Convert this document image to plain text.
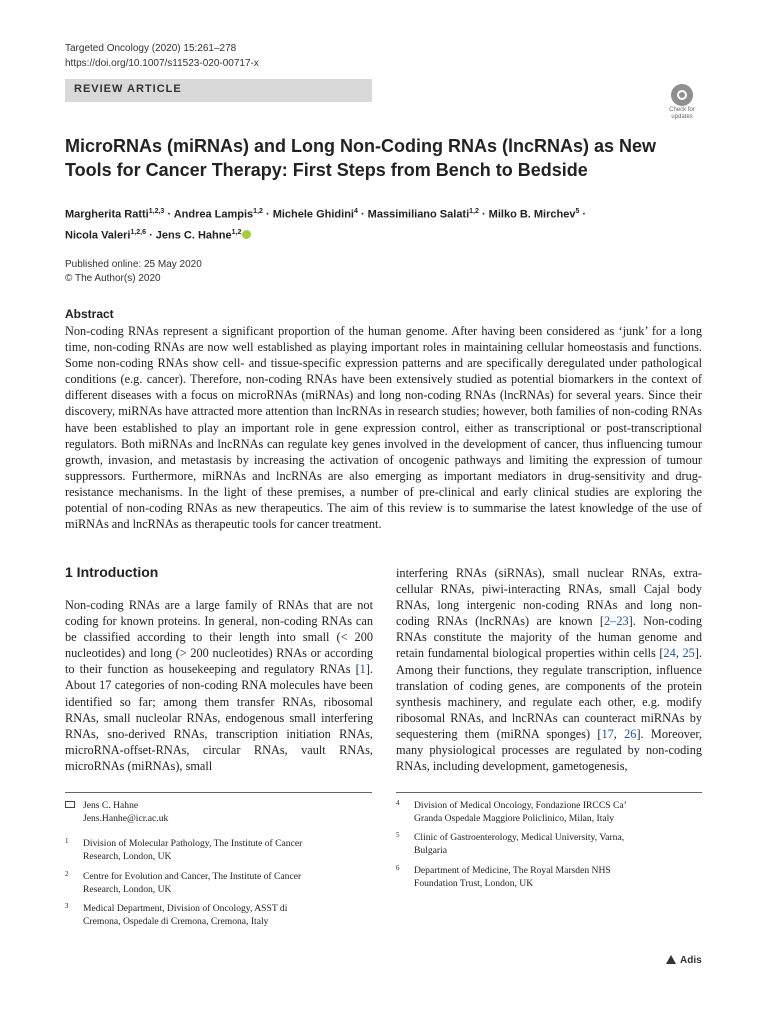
Targeted Oncology (2020) 15:261–278
https://doi.org/10.1007/s11523-020-00717-x
REVIEW ARTICLE
Check for
updates
MicroRNAs (miRNAs) and Long Non-Coding RNAs (lncRNAs) as New Tools for Cancer Therapy: First Steps from Bench to Bedside
Margherita Ratti$^{1,2,3}$ · Andrea Lampis$^{1,2}$ · Michele Ghidini$^4$ · Massimiliano Salati$^{1,2}$ · Milko B. Mirchev$^5$ ·
Nicola Valeri$^{1,2,6}$ · Jens C. Hahne$^{1,2}$
Published online: 25 May 2020
© The Author(s) 2020
Abstract
Non-coding RNAs represent a significant proportion of the human genome. After having been considered as ‘junk’ for a long time, non-coding RNAs are now well established as playing important roles in maintaining cellular homeostasis and functions. Some non-coding RNAs show cell- and tissue-specific expression patterns and are specifically deregulated under pathological conditions (e.g. cancer). Therefore, non-coding RNAs have been extensively studied as potential biomarkers in the context of different diseases with a focus on microRNAs (miRNAs) and long non-coding RNAs (lncRNAs) for several years. Since their discovery, miRNAs have attracted more attention than lncRNAs in research studies; however, both families of non-coding RNAs have been established to play an important role in gene expression control, either as transcriptional or post-transcriptional regulators. Both miRNAs and lncRNAs can regulate key genes involved in the development of cancer, thus influencing tumour growth, invasion, and metastasis by increasing the activation of oncogenic pathways and limiting the expression of tumour suppressors. Furthermore, miRNAs and lncRNAs are also emerging as important mediators in drug-sensitivity and drug-resistance mechanisms. In the light of these premises, a number of pre-clinical and early clinical studies are exploring the potential of non-coding RNAs as new therapeutics. The aim of this review is to summarise the latest knowledge of the use of miRNAs and lncRNAs as therapeutic tools for cancer treatment.
1 Introduction
Non-coding RNAs are a large family of RNAs that are not coding for known proteins. In general, non-coding RNAs can be classified according to their length into small (< 200 nucleotides) and long (> 200 nucleotides) RNAs or according to their function as housekeeping and regulatory RNAs [1]. About 17 categories of non-coding RNA molecules have been identified so far; among them transfer RNAs, ribosomal RNAs, small nucleolar RNAs, endogenous small interfering RNAs, sno-derived RNAs, transcription initiation RNAs, microRNA-offset-RNAs, circular RNAs, vault RNAs, microRNAs (miRNAs), small
interfering RNAs (siRNAs), small nuclear RNAs, extra-cellular RNAs, piwi-interacting RNAs, small Cajal body RNAs, long intergenic non-coding RNAs and long non-coding RNAs (lncRNAs) are known [2–23]. Non-coding RNAs constitute the majority of the human genome and retain fundamental biological properties within cells [24, 25]. Among their functions, they regulate transcription, influence translation of coding genes, are components of the protein synthesis machinery, and regulate each other, e.g. modify ribosomal RNAs, and lncRNAs can counteract miRNAs by sequestering them (miRNA sponges) [17, 26]. Moreover, many physiological processes are regulated by non-coding RNAs, including development, gametogenesis,
Jens C. Hahne
Jens.Hanhe@icr.ac.uk
1 Division of Molecular Pathology, The Institute of Cancer
Research, London, UK
2 Centre for Evolution and Cancer, The Institute of Cancer
Research, London, UK
3 Medical Department, Division of Oncology, ASST di
Cremona, Ospedale di Cremona, Cremona, Italy
4 Division of Medical Oncology, Fondazione IRCCS Ca’
Granda Ospedale Maggiore Policlinico, Milan, Italy
5 Clinic of Gastroenterology, Medical University, Varna,
Bulgaria
6 Department of Medicine, The Royal Marsden NHS
Foundation Trust, London, UK
Adis
